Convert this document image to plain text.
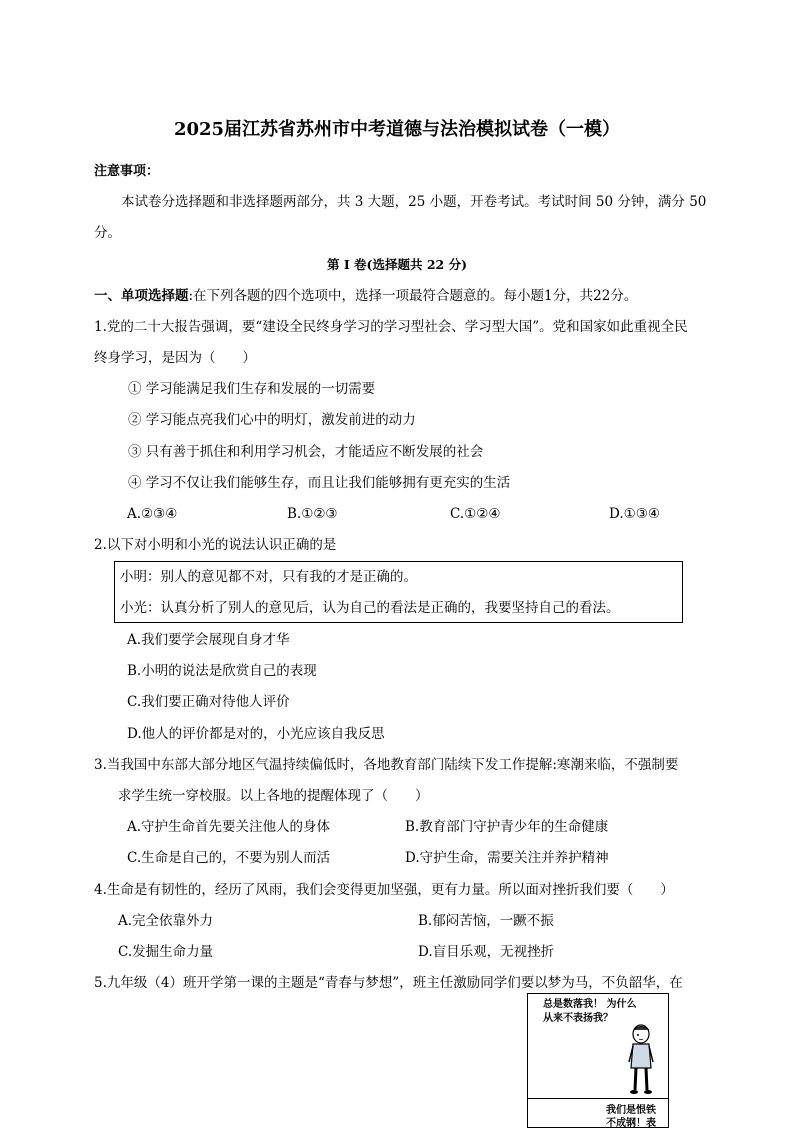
2025届江苏省苏州市中考道德与法治模拟试卷（一模）
注意事项：
本试卷分选择题和非选择题两部分，共 3 大题，25 小题，开卷考试。考试时间 50 分钟，满分 50
分。
第 I 卷(选择题共 22 分)
一、单项选择题:在下列各题的四个选项中，选择一项最符合题意的。每小题1分，共22分。
1.党的二十大报告强调，要“建设全民终身学习的学习型社会、学习型大国”。党和国家如此重视全民
终身学习，是因为（　　）
① 学习能满足我们生存和发展的一切需要
② 学习能点亮我们心中的明灯，激发前进的动力
③ 只有善于抓住和利用学习机会，才能适应不断发展的社会
④ 学习不仅让我们能够生存，而且让我们能够拥有更充实的生活
A.②③④	B.①②③	C.①②④	D.①③④
2.以下对小明和小光的说法认识正确的是
小明：别人的意见都不对，只有我的才是正确的。
小光：认真分析了别人的意见后，认为自己的看法是正确的，我要坚持自己的看法。
A.我们要学会展现自身才华
B.小明的说法是欣赏自己的表现
C.我们要正确对待他人评价
D.他人的评价都是对的，小光应该自我反思
3.当我国中东部大部分地区气温持续偏低时，各地教育部门陆续下发工作提解:寒潮来临，不强制要
求学生统一穿校服。以上各地的提醒体现了（　　）
A.守护生命首先要关注他人的身体	B.教育部门守护青少年的生命健康
C.生命是自己的，不要为别人而活	D.守护生命，需要关注并养护精神
4.生命是有韧性的，经历了风雨，我们会变得更加坚强，更有力量。所以面对挫折我们要（　　）
A.完全依靠外力	B.郁闷苦恼，一蹶不振
C.发掘生命力量	D.盲目乐观，无视挫折
5.九年级（4）班开学第一课的主题是“青春与梦想”，班主任激励同学们要以梦为马，不负韶华，在
总是数落我！ 为什么
从来不表扬我？
我们是恨铁
不成钢！表
